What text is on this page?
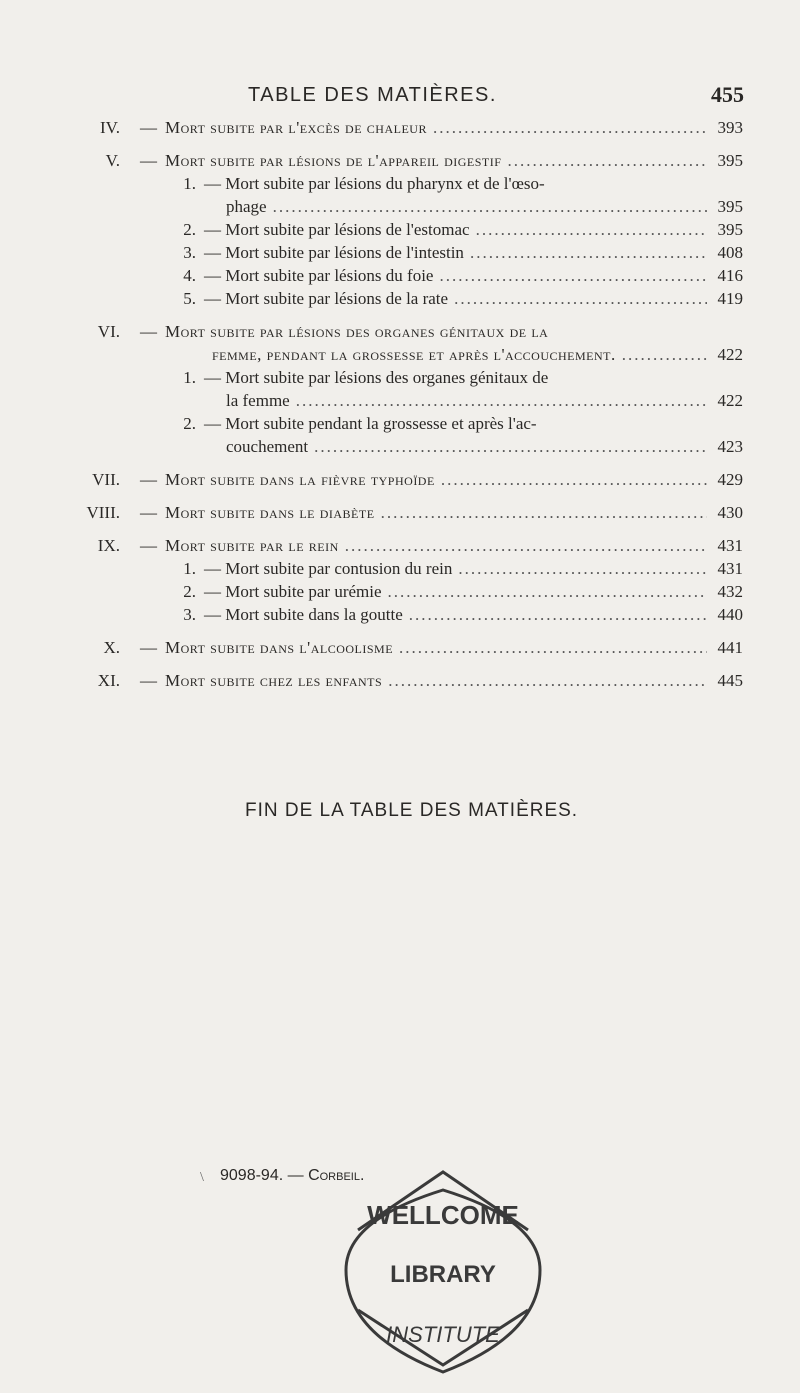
TABLE DES MATIÈRES.	455
IV. — Mort subite par l'excès de chaleur .....	393
V. — Mort subite par lésions de l'appareil digestif .....	395
1. — Mort subite par lésions du pharynx et de l'œso-
phage .....	395
2. — Mort subite par lésions de l'estomac .....	395
3. — Mort subite par lésions de l'intestin .....	408
4. — Mort subite par lésions du foie .....	416
5. — Mort subite par lésions de la rate .....	419
VI. — Mort subite par lésions des organes génitaux de la
femme, pendant la grossesse et après l'accouchement. .....	422
1. — Mort subite par lésions des organes génitaux de
la femme .....	422
2. — Mort subite pendant la grossesse et après l'ac-
couchement .....	423
VII. — Mort subite dans la fièvre typhoïde .....	429
VIII. — Mort subite dans le diabète .....	430
IX. — Mort subite par le rein .....	431
1. — Mort subite par contusion du rein .....	431
2. — Mort subite par urémie .....	432
3. — Mort subite dans la goutte .....	440
X. — Mort subite dans l'alcoolisme .....	441
XI. — Mort subite chez les enfants .....	445
FIN DE LA TABLE DES MATIÈRES.
\ 9098-94. — Corbeil.
WELLCOME
LIBRARY
INSTITUTE
